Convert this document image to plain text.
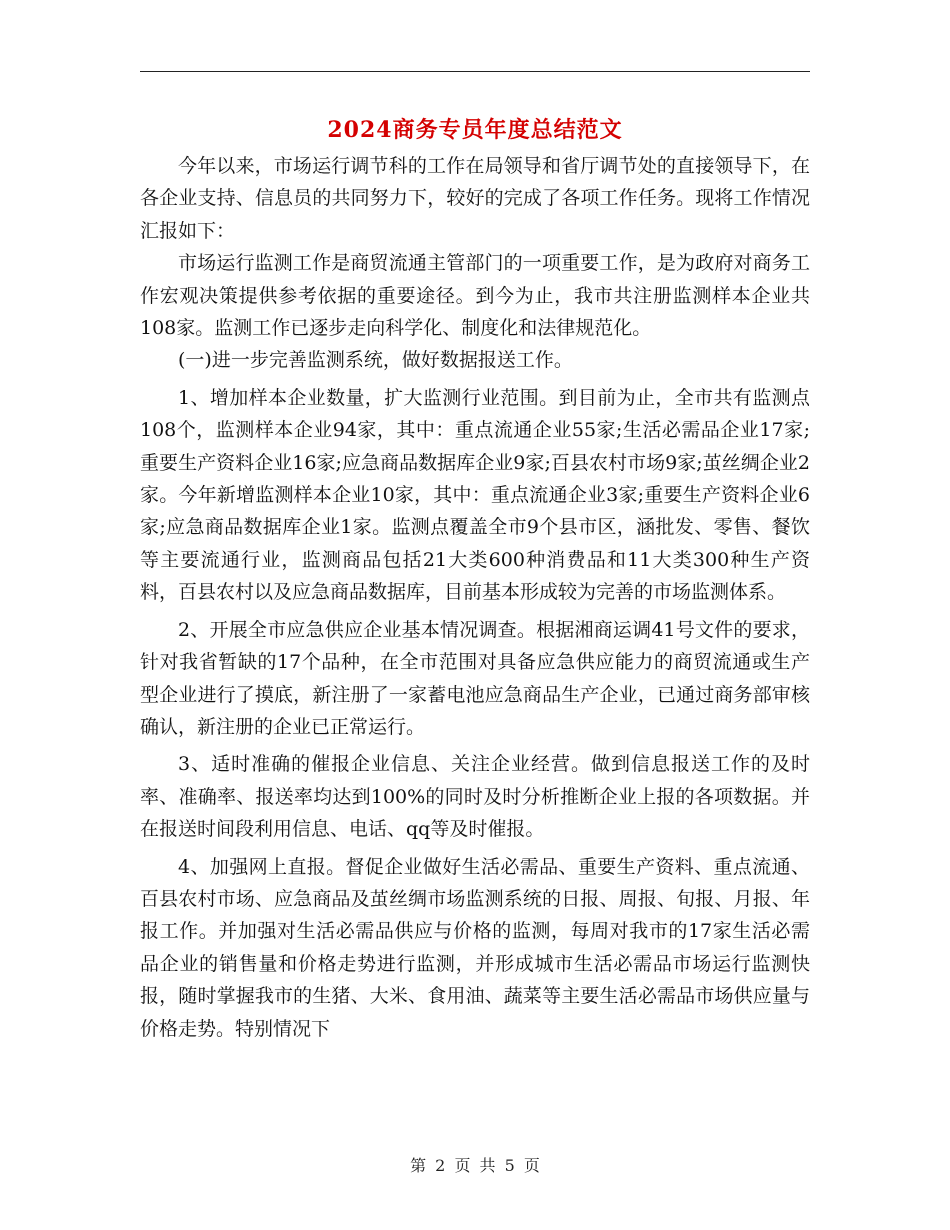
2024商务专员年度总结范文

今年以来，市场运行调节科的工作在局领导和省厅调节处的直接领导下，在各企业支持、信息员的共同努力下，较好的完成了各项工作任务。现将工作情况汇报如下：

市场运行监测工作是商贸流通主管部门的一项重要工作，是为政府对商务工作宏观决策提供参考依据的重要途径。到今为止，我市共注册监测样本企业共108家。监测工作已逐步走向科学化、制度化和法律规范化。

(一)进一步完善监测系统，做好数据报送工作。

1、增加样本企业数量，扩大监测行业范围。到目前为止，全市共有监测点108个，监测样本企业94家，其中：重点流通企业55家;生活必需品企业17家;重要生产资料企业16家;应急商品数据库企业9家;百县农村市场9家;茧丝绸企业2家。今年新增监测样本企业10家，其中：重点流通企业3家;重要生产资料企业6家;应急商品数据库企业1家。监测点覆盖全市9个县市区，涵批发、零售、餐饮等主要流通行业，监测商品包括21大类600种消费品和11大类300种生产资料，百县农村以及应急商品数据库，目前基本形成较为完善的市场监测体系。

2、开展全市应急供应企业基本情况调查。根据湘商运调41号文件的要求，针对我省暂缺的17个品种，在全市范围对具备应急供应能力的商贸流通或生产型企业进行了摸底，新注册了一家蓄电池应急商品生产企业，已通过商务部审核确认，新注册的企业已正常运行。

3、适时准确的催报企业信息、关注企业经营。做到信息报送工作的及时率、准确率、报送率均达到100%的同时及时分析推断企业上报的各项数据。并在报送时间段利用信息、电话、qq等及时催报。

4、加强网上直报。督促企业做好生活必需品、重要生产资料、重点流通、百县农村市场、应急商品及茧丝绸市场监测系统的日报、周报、旬报、月报、年报工作。并加强对生活必需品供应与价格的监测，每周对我市的17家生活必需品企业的销售量和价格走势进行监测，并形成城市生活必需品市场运行监测快报，随时掌握我市的生猪、大米、食用油、蔬菜等主要生活必需品市场供应量与价格走势。特别情况下

第 2 页 共 5 页
